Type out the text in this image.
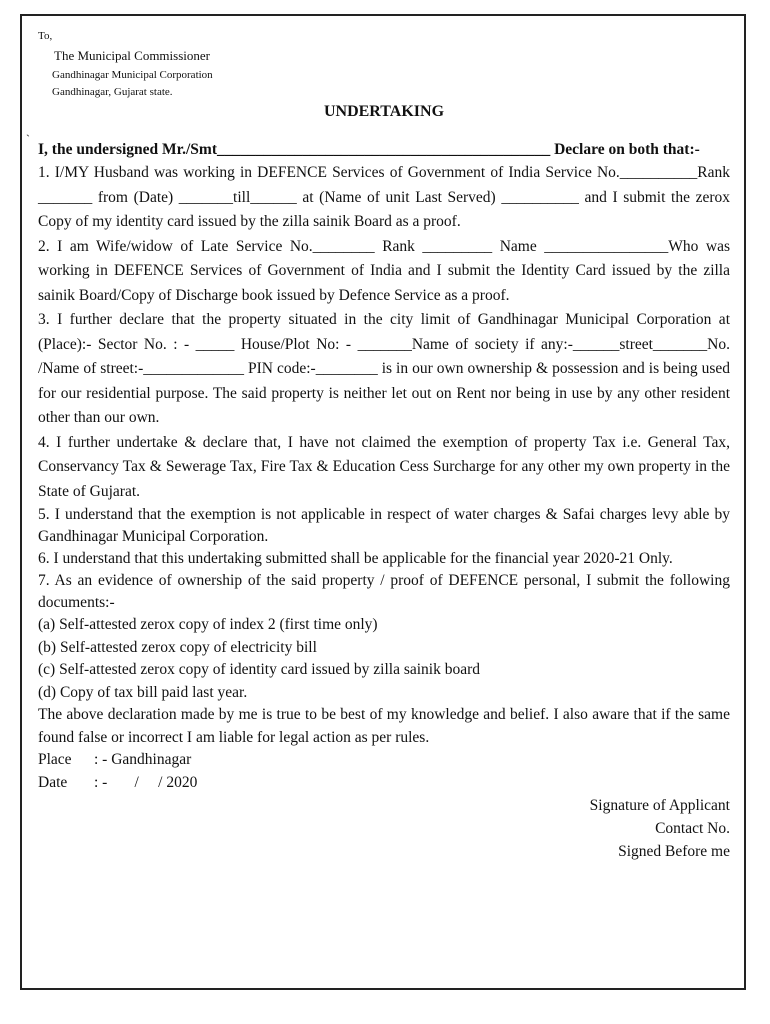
To,
The Municipal Commissioner
Gandhinagar Municipal Corporation
Gandhinagar, Gujarat state.
`
UNDERTAKING

I, the undersigned Mr./Smt___________________________________________ Declare on both that:-

1. I/MY Husband was working in DEFENCE Services of Government of India Service No.__________Rank _______ from (Date) _______till______ at (Name of unit Last Served) __________ and I submit the zerox Copy of my identity card issued by the zilla sainik Board as a proof.

2. I am Wife/widow of Late Service No.________ Rank _________ Name ________________Who was working in DEFENCE Services of Government of India and I submit the Identity Card issued by the zilla sainik Board/Copy of Discharge book issued by Defence Service as a proof.

3. I further declare that the property situated in the city limit of Gandhinagar Municipal Corporation at (Place):- Sector No. : - _____ House/Plot No: - _______Name of society if any:-______street_______No. /Name of street:-_____________ PIN code:-________ is in our own ownership & possession and is being used for our residential purpose. The said property is neither let out on Rent nor being in use by any other resident other than our own.

4. I further undertake & declare that, I have not claimed the exemption of property Tax i.e. General Tax, Conservancy Tax & Sewerage Tax, Fire Tax & Education Cess Surcharge for any other my own property in the State of Gujarat.

5. I understand that the exemption is not applicable in respect of water charges & Safai charges levy able by Gandhinagar Municipal Corporation.

6. I understand that this undertaking submitted shall be applicable for the financial year 2020-21 Only.

7. As an evidence of ownership of the said property / proof of DEFENCE personal, I submit the following documents:-

(a) Self-attested zerox copy of index 2 (first time only)

(b) Self-attested zerox copy of electricity bill

(c) Self-attested zerox copy of identity card issued by zilla sainik board

(d) Copy of tax bill paid last year.

The above declaration made by me is true to be best of my knowledge and belief. I also aware that if the same found false or incorrect I am liable for legal action as per rules.

Place	: - Gandhinagar
Date	: -       /     / 2020
Signature of Applicant
Contact No.
Signed Before me
